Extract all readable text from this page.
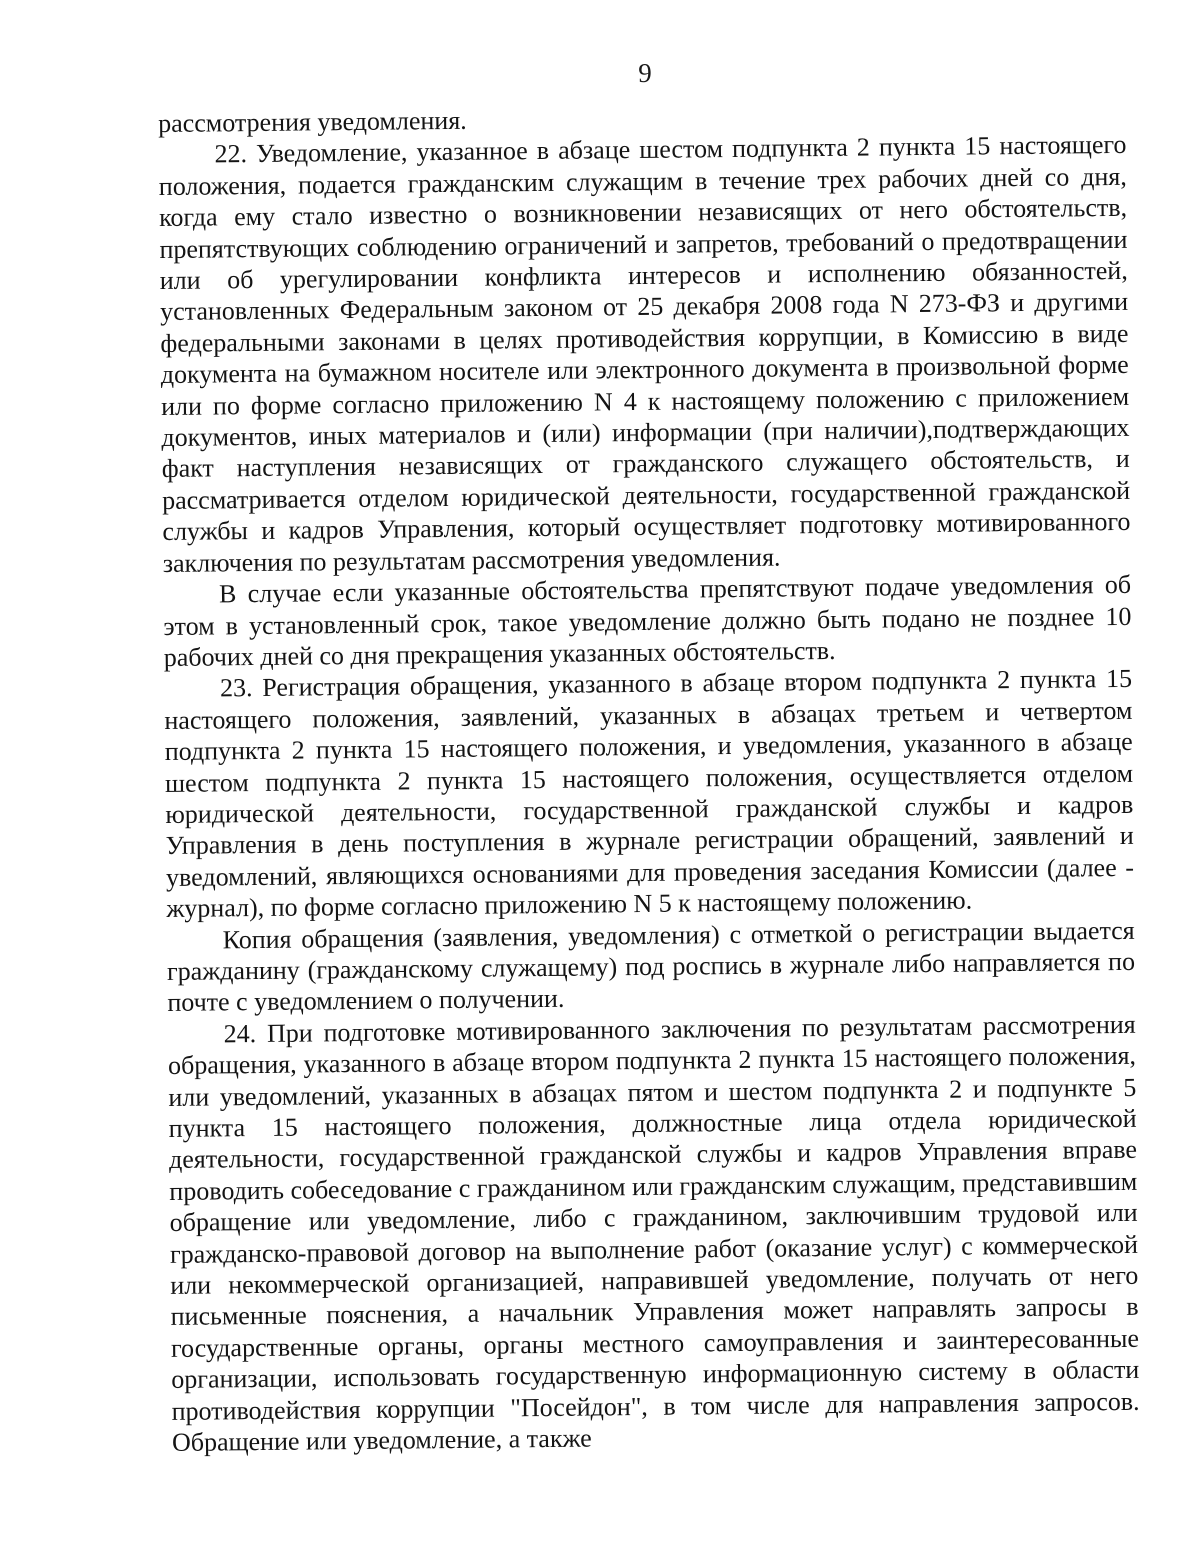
9

рассмотрения уведомления.

22. Уведомление, указанное в абзаце шестом подпункта 2 пункта 15 настоящего положения, подается гражданским служащим в течение трех рабочих дней со дня, когда ему стало известно о возникновении независящих от него обстоятельств, препятствующих соблюдению ограничений и запретов, требований о предотвращении или об урегулировании конфликта интересов и исполнению обязанностей, установленных Федеральным законом от 25 декабря 2008 года N 273-ФЗ и другими федеральными законами в целях противодействия коррупции, в Комиссию в виде документа на бумажном носителе или электронного документа в произвольной форме или по форме согласно приложению N 4 к настоящему положению с приложением документов, иных материалов и (или) информации (при наличии),подтверждающих факт наступления независящих от гражданского служащего обстоятельств, и рассматривается отделом юридической деятельности, государственной гражданской службы и кадров Управления, который осуществляет подготовку мотивированного заключения по результатам рассмотрения уведомления.

В случае если указанные обстоятельства препятствуют подаче уведомления об этом в установленный срок, такое уведомление должно быть подано не позднее 10 рабочих дней со дня прекращения указанных обстоятельств.

23. Регистрация обращения, указанного в абзаце втором подпункта 2 пункта 15 настоящего положения, заявлений, указанных в абзацах третьем и четвертом подпункта 2 пункта 15 настоящего положения, и уведомления, указанного в абзаце шестом подпункта 2 пункта 15 настоящего положения, осуществляется отделом юридической деятельности, государственной гражданской службы и кадров Управления в день поступления в журнале регистрации обращений, заявлений и уведомлений, являющихся основаниями для проведения заседания Комиссии (далее - журнал), по форме согласно приложению N 5 к настоящему положению.

Копия обращения (заявления, уведомления) с отметкой о регистрации выдается гражданину (гражданскому служащему) под роспись в журнале либо направляется по почте с уведомлением о получении.

24. При подготовке мотивированного заключения по результатам рассмотрения обращения, указанного в абзаце втором подпункта 2 пункта 15 настоящего положения, или уведомлений, указанных в абзацах пятом и шестом подпункта 2 и подпункте 5 пункта 15 настоящего положения, должностные лица отдела юридической деятельности, государственной гражданской службы и кадров Управления вправе проводить собеседование с гражданином или гражданским служащим, представившим обращение или уведомление, либо с гражданином, заключившим трудовой или гражданско-правовой договор на выполнение работ (оказание услуг) с коммерческой или некоммерческой организацией, направившей уведомление, получать от него письменные пояснения, а начальник Управления может направлять запросы в государственные органы, органы местного самоуправления и заинтересованные организации, использовать государственную информационную систему в области противодействия коррупции "Посейдон", в том числе для направления запросов. Обращение или уведомление, а также
